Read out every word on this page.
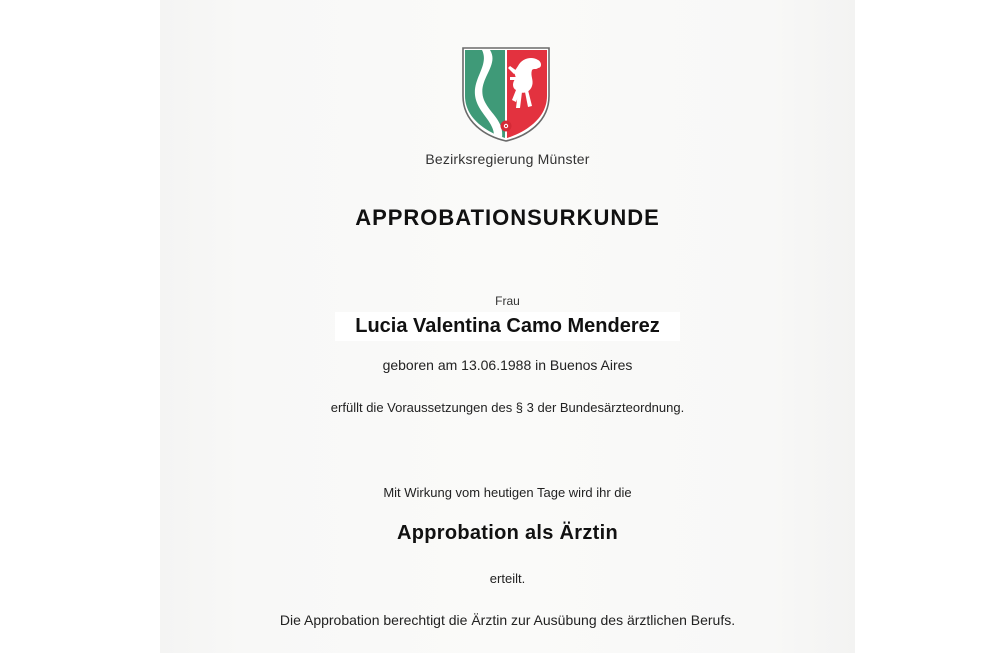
Bezirksregierung Münster
APPROBATIONSURKUNDE
Frau
Lucia Valentina Camo Menderez
geboren am 13.06.1988 in Buenos Aires
erfüllt die Voraussetzungen des § 3 der Bundesärzteordnung.
Mit Wirkung vom heutigen Tage wird ihr die
Approbation als Ärztin
erteilt.
Die Approbation berechtigt die Ärztin zur Ausübung des ärztlichen Berufs.
